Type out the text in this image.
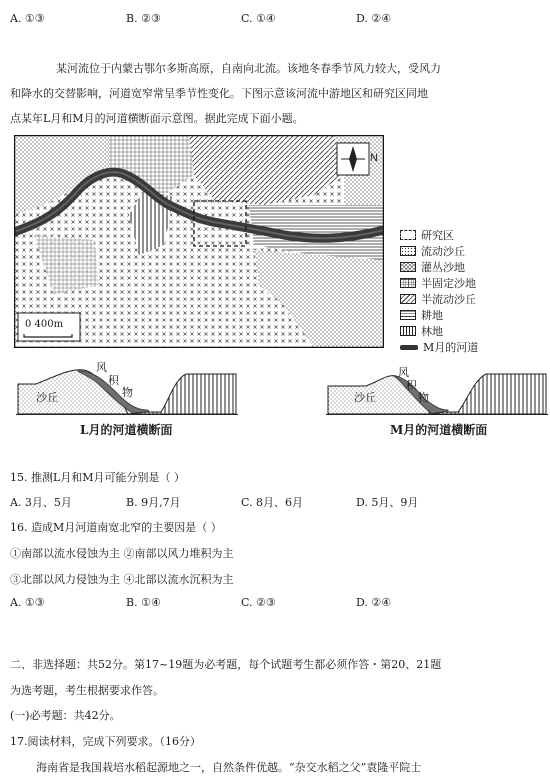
A. ①③	B. ②③	C. ①④	D. ②④
某河流位于内蒙古鄂尔多斯高原，自南向北流。该地冬春季节风力较大，受风力
和降水的交替影响，河道宽窄常呈季节性变化。下图示意该河流中游地区和研究区同地
点某年L月和M月的河道横断面示意图。据此完成下面小题。
N
0 400m
研究区
流动沙丘
灌丛沙地
半固定沙地
半流动沙丘
耕地
林地
M月的河道
沙丘
风
积
物
L月的河道横断面
沙丘
风
积
物
M月的河道横断面
15. 推测L月和M月可能分别是（ ）
A. 3月、5月	B. 9月,7月	C. 8月、6月	D. 5月、9月
16. 造成M月河道南宽北窄的主要因是（ ）
①南部以流水侵蚀为主 ②南部以风力堆积为主
③北部以风力侵蚀为主 ④北部以流水沉积为主
A. ①③	B. ①④	C. ②③	D. ②④
二、非选择题：共52分。第17~19题为必考题，每个试题考生都必须作答・第20、21题
为选考题，考生根据要求作答。
(一)必考题：共42分。
17.阅读材料，完成下列要求。（16分）
海南省是我国栽培水稻起源地之一，自然条件优越。“杂交水稻之父”袁隆平院士
